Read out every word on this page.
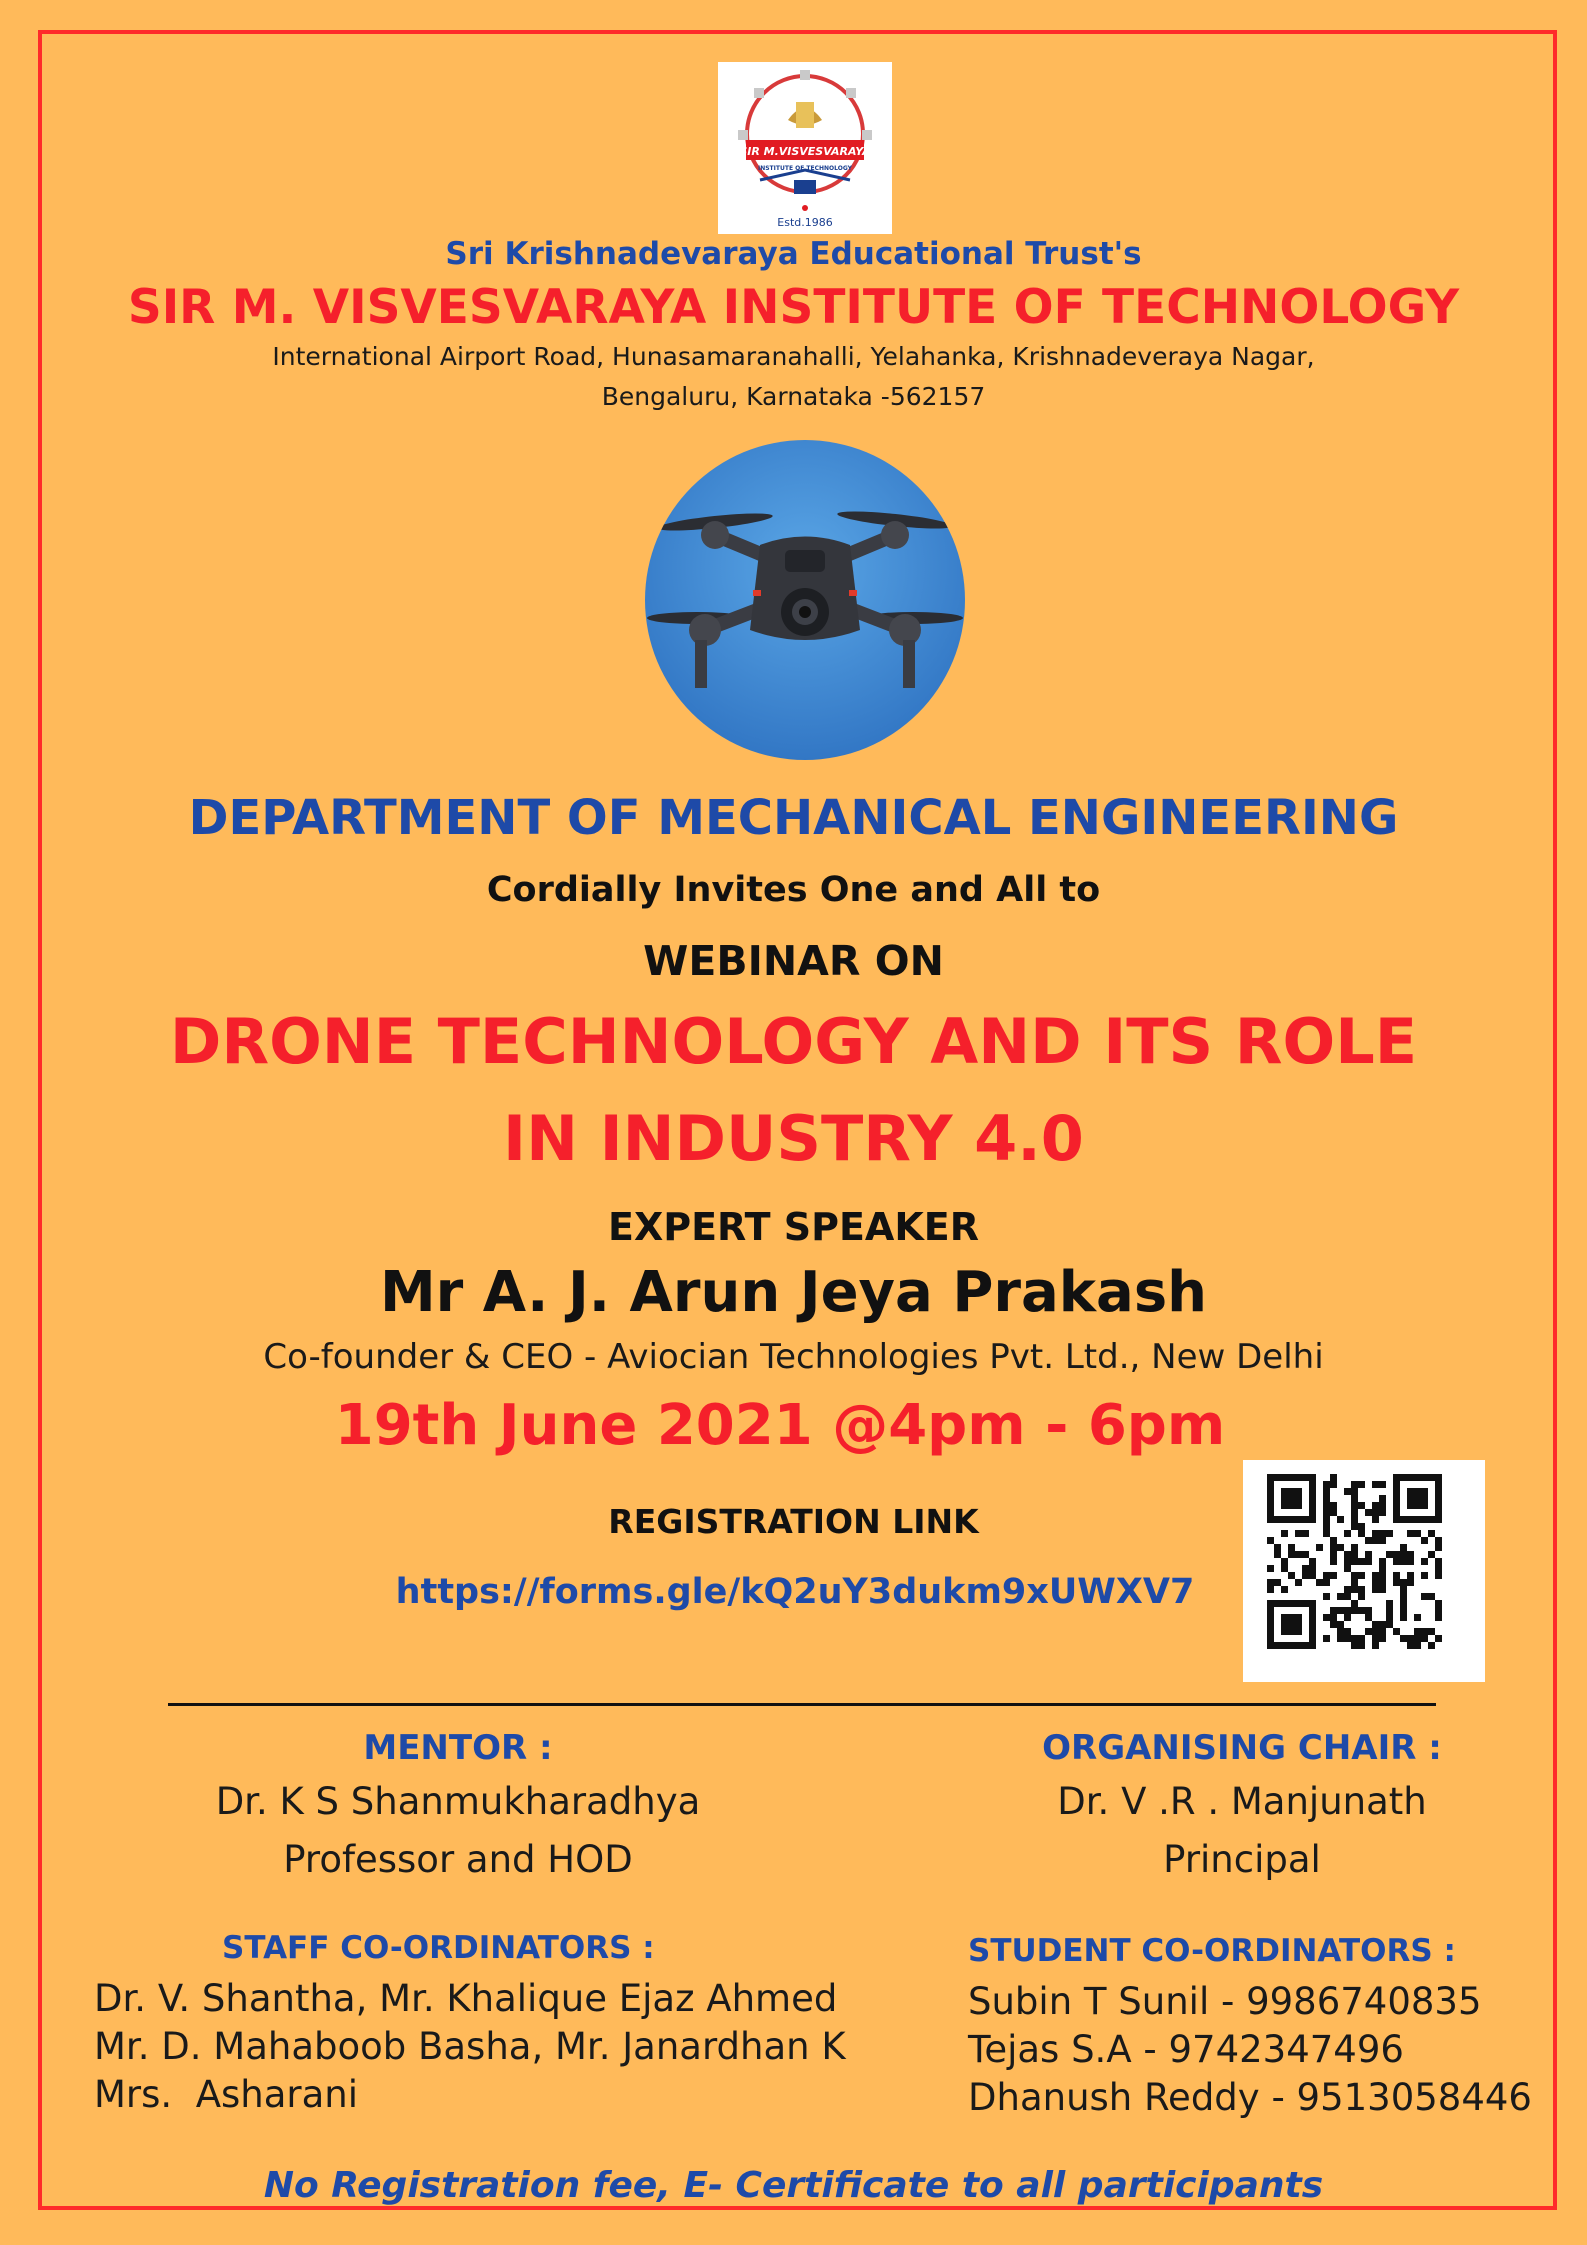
SIR M.VISVESVARAYA
INSTITUTE OF TECHNOLOGY
Estd.1986
Sri Krishnadevaraya Educational Trust's
SIR M. VISVESVARAYA INSTITUTE OF TECHNOLOGY
International Airport Road, Hunasamaranahalli, Yelahanka, Krishnadeveraya Nagar,
Bengaluru, Karnataka -562157
DEPARTMENT OF MECHANICAL ENGINEERING
Cordially Invites One and All to
WEBINAR ON
DRONE TECHNOLOGY AND ITS ROLE
IN INDUSTRY 4.0
EXPERT SPEAKER
Mr A. J. Arun Jeya Prakash
Co-founder & CEO - Aviocian Technologies Pvt. Ltd., New Delhi
19th June 2021 @4pm - 6pm
REGISTRATION LINK
https://forms.gle/kQ2uY3dukm9xUWXV7
MENTOR :
Dr. K S Shanmukharadhya
Professor and HOD
ORGANISING CHAIR :
Dr. V .R . Manjunath
Principal
STAFF CO-ORDINATORS :
Dr. V. Shantha, Mr. Khalique Ejaz Ahmed
Mr. D. Mahaboob Basha, Mr. Janardhan K
Mrs.  Asharani
STUDENT CO-ORDINATORS :
Subin T Sunil - 9986740835
Tejas S.A - 9742347496
Dhanush Reddy - 9513058446
No Registration fee, E- Certificate to all participants
